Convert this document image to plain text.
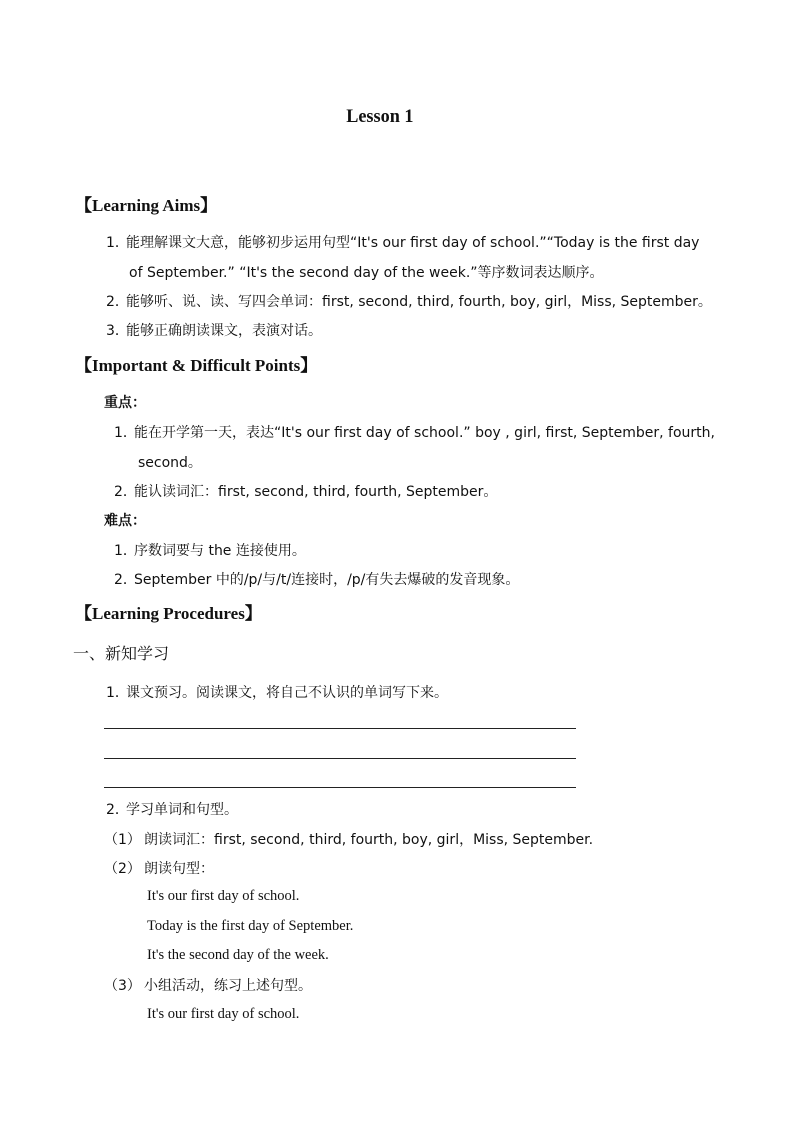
Lesson 1
【Learning Aims】
1．
能理解课文大意，能够初步运用句型“It's our first day of school.”“Today is the first day
of September.” “It's the second day of the week.”等序数词表达顺序。
2．
能够听、说、读、写四会单词：first, second, third, fourth, boy, girl，Miss, September。
3．
能够正确朗读课文，表演对话。
【Important & Difficult Points】
重点：
1．
能在开学第一天，表达“It's our first day of school.” boy , girl, first, September, fourth,
second。
2．
能认读词汇：first, second, third, fourth, September。
难点：
1．
序数词要与 the 连接使用。
2．
September 中的/p/与/t/连接时，/p/有失去爆破的发音现象。
【Learning Procedures】
一、新知学习
1．
课文预习。阅读课文，将自己不认识的单词写下来。
2．
学习单词和句型。
（1） 朗读词汇：first, second, third, fourth, boy, girl，Miss, September.
（2） 朗读句型：
It's our first day of school.
Today is the first day of September.
It's the second day of the week.
（3） 小组活动，练习上述句型。
It's our first day of school.
